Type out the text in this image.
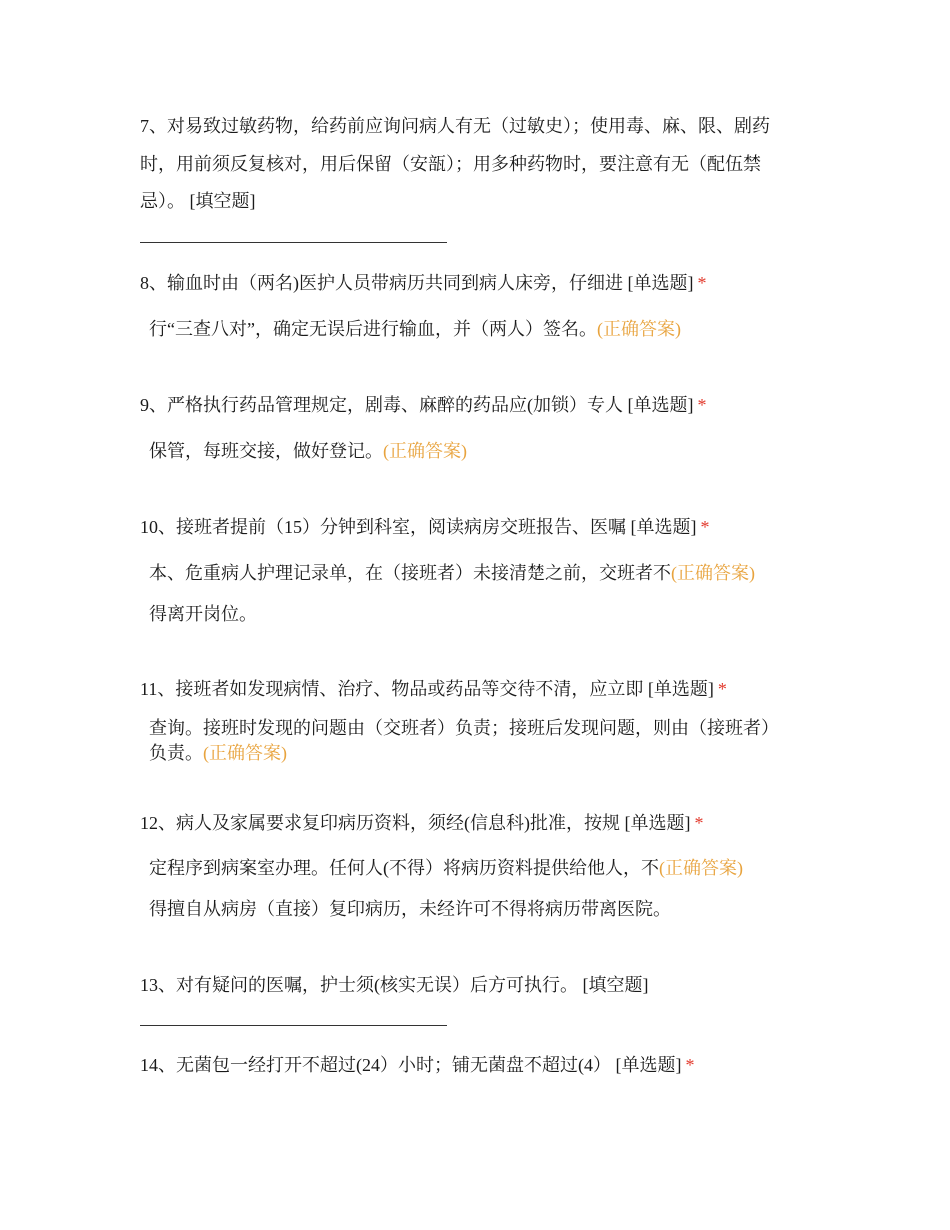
7、对易致过敏药物，给药前应询问病人有无（过敏史）；使用毒、麻、限、剧药
时，用前须反复核对，用后保留（安瓿）；用多种药物时，要注意有无（配伍禁
忌）。 [填空题]
8、输血时由（两名)医护人员带病历共同到病人床旁，仔细进 [单选题] *
行“三查八对”，确定无误后进行输血，并（两人）签名。(正确答案)
9、严格执行药品管理规定，剧毒、麻醉的药品应(加锁）专人 [单选题] *
保管，每班交接，做好登记。(正确答案)
10、接班者提前（15）分钟到科室，阅读病房交班报告、医嘱 [单选题] *
本、危重病人护理记录单，在（接班者）未接清楚之前，交班者不(正确答案)
得离开岗位。
11、接班者如发现病情、治疗、物品或药品等交待不清，应立即 [单选题] *
查询。接班时发现的问题由（交班者）负责；接班后发现问题，则由（接班者）
负责。(正确答案)
12、病人及家属要求复印病历资料，须经(信息科)批准，按规 [单选题] *
定程序到病案室办理。任何人(不得）将病历资料提供给他人，不(正确答案)
得擅自从病房（直接）复印病历，未经许可不得将病历带离医院。
13、对有疑问的医嘱，护士须(核实无误）后方可执行。 [填空题]
14、无菌包一经打开不超过(24）小时；铺无菌盘不超过(4） [单选题] *
